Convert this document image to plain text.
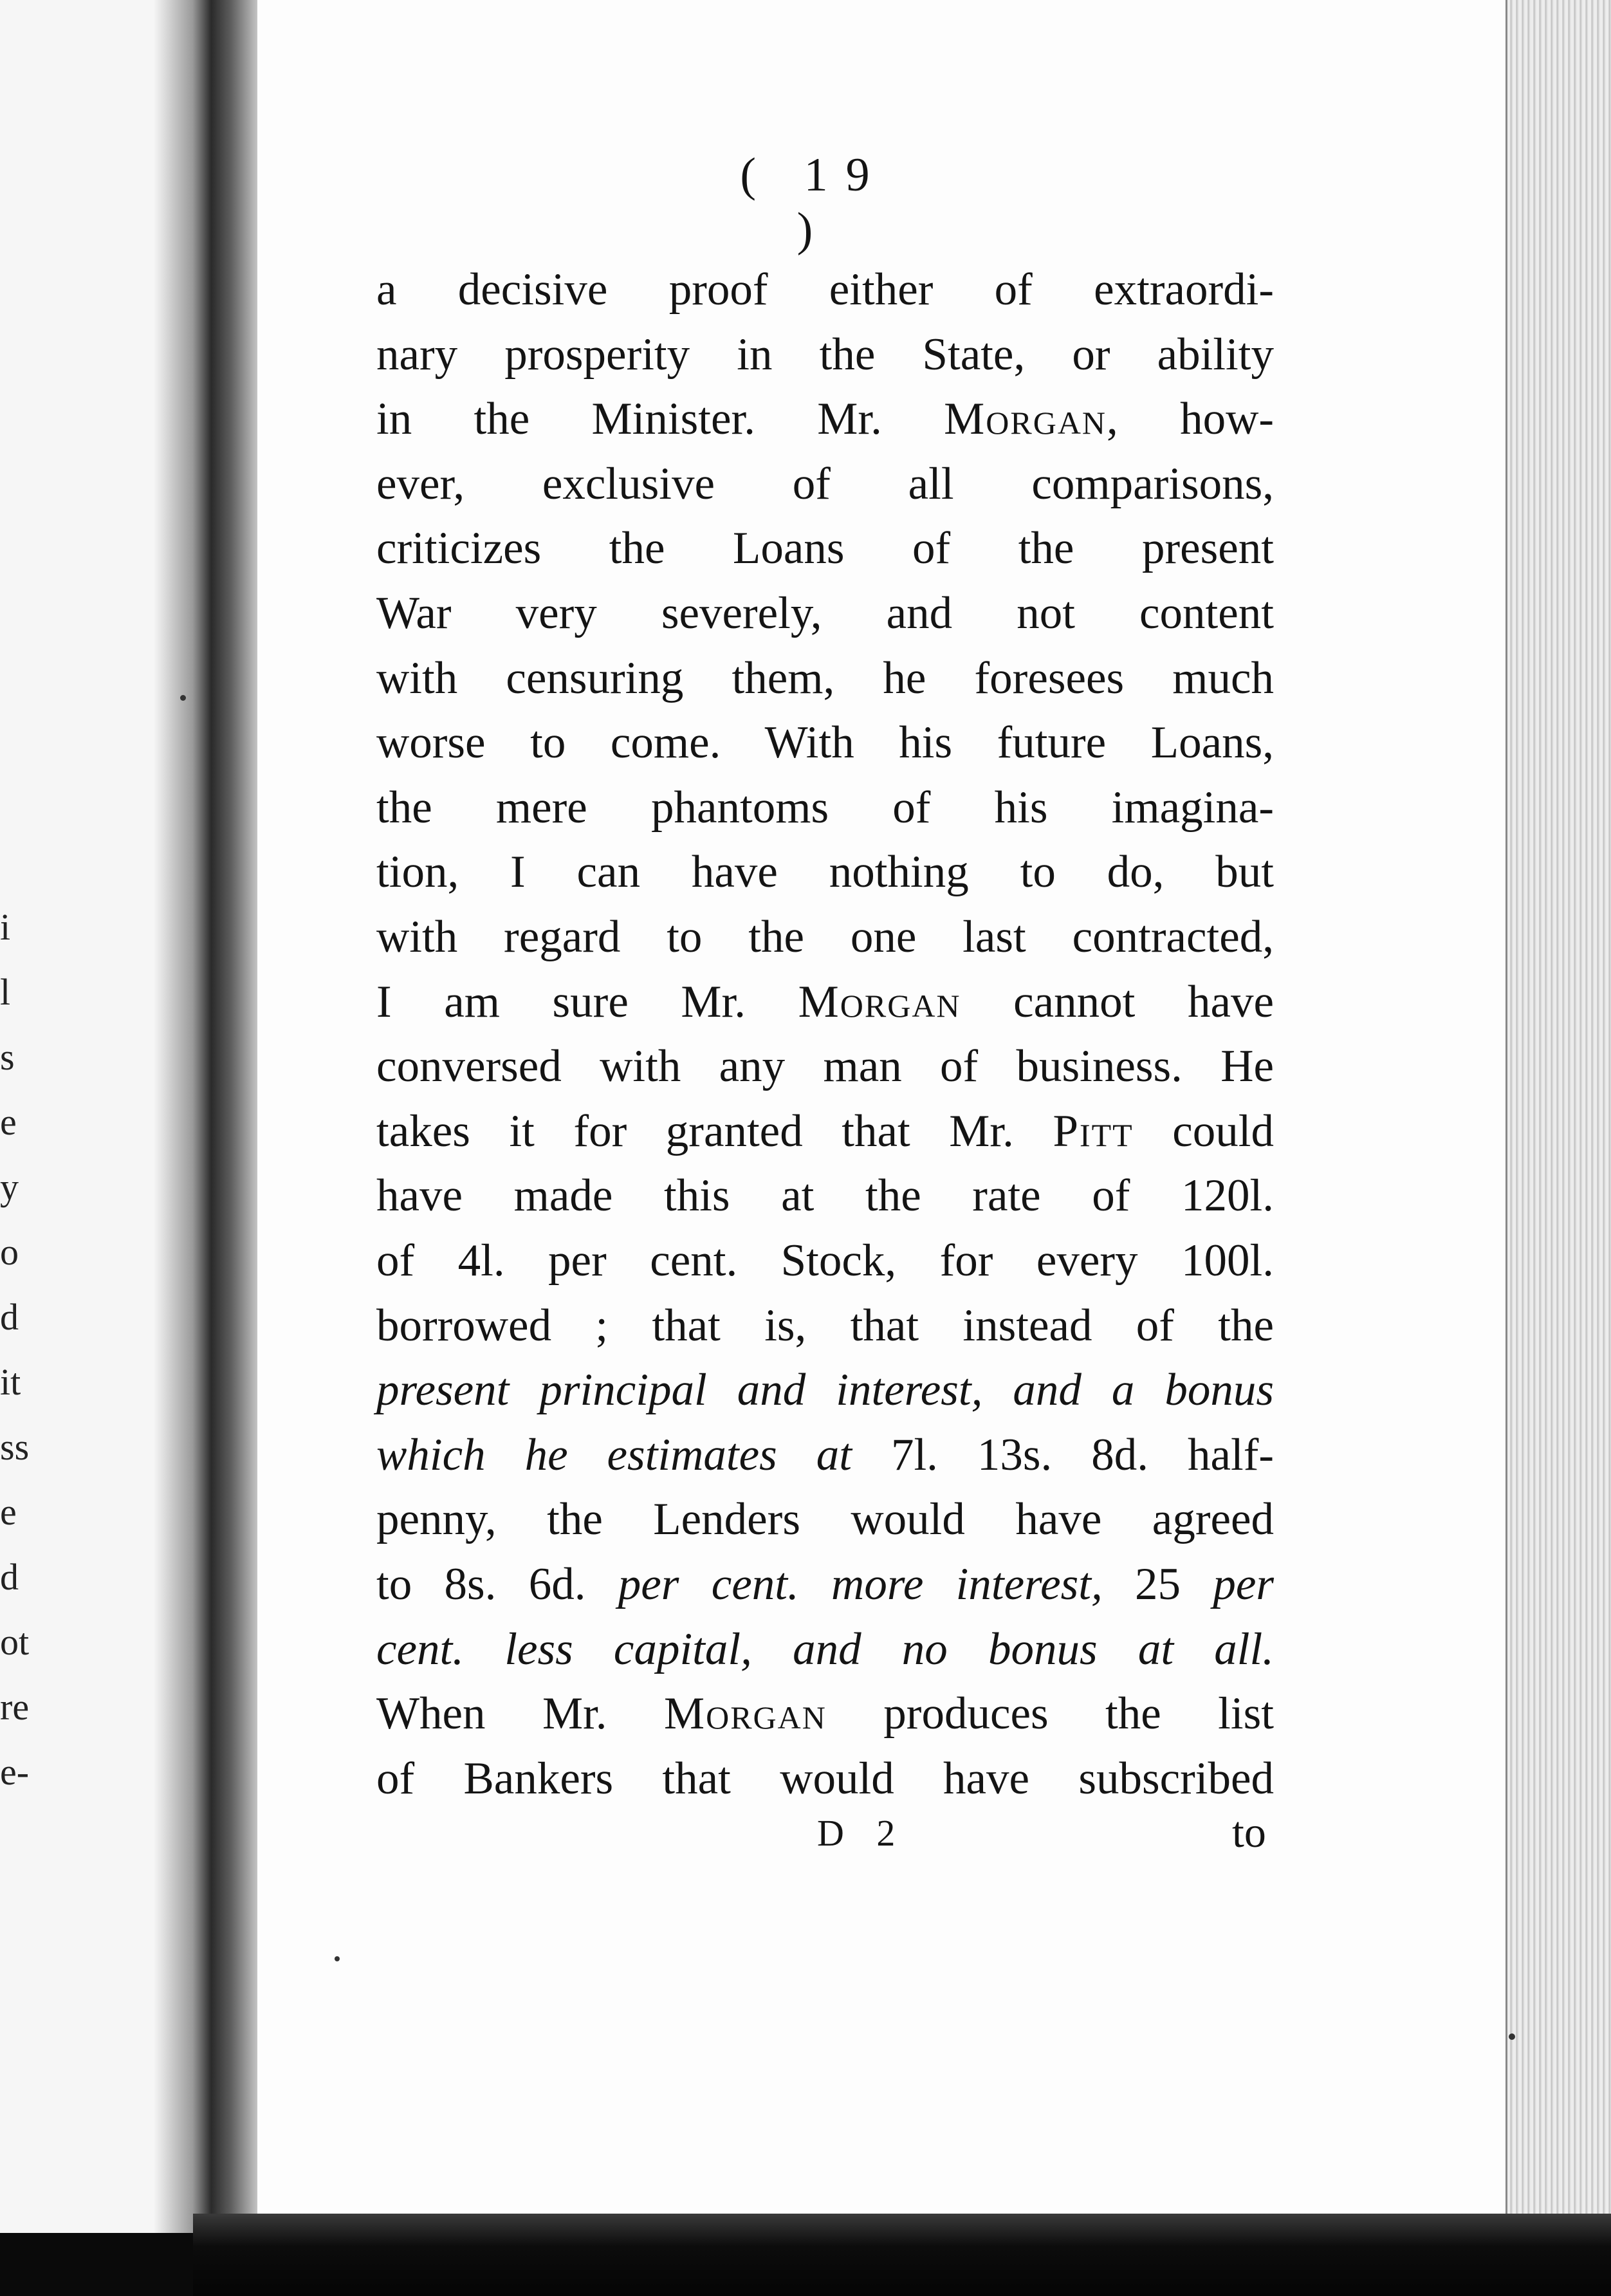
i
l
s
e
y
o
d
it
ss
e
d
ot
re
e-
( 19 )
a decisive proof either of extraordi-
nary prosperity in the State, or ability
in the Minister. Mr. Morgan, how-
ever, exclusive of all comparisons,
criticizes the Loans of the present
War very severely, and not content
with censuring them, he foresees much
worse to come. With his future Loans,
the mere phantoms of his imagina-
tion, I can have nothing to do, but
with regard to the one last contracted,
I am sure Mr. Morgan cannot have
conversed with any man of business. He
takes it for granted that Mr. Pitt could
have made this at the rate of 120l.
of 4l. per cent. Stock, for every 100l.
borrowed ; that is, that instead of the
present principal and interest, and a bonus
which he estimates at 7l. 13s. 8d. half-
penny, the Lenders would have agreed
to 8s. 6d. per cent. more interest, 25 per
cent. less capital, and no bonus at all.
When Mr. Morgan produces the list
of Bankers that would have subscribed
D 2	to
